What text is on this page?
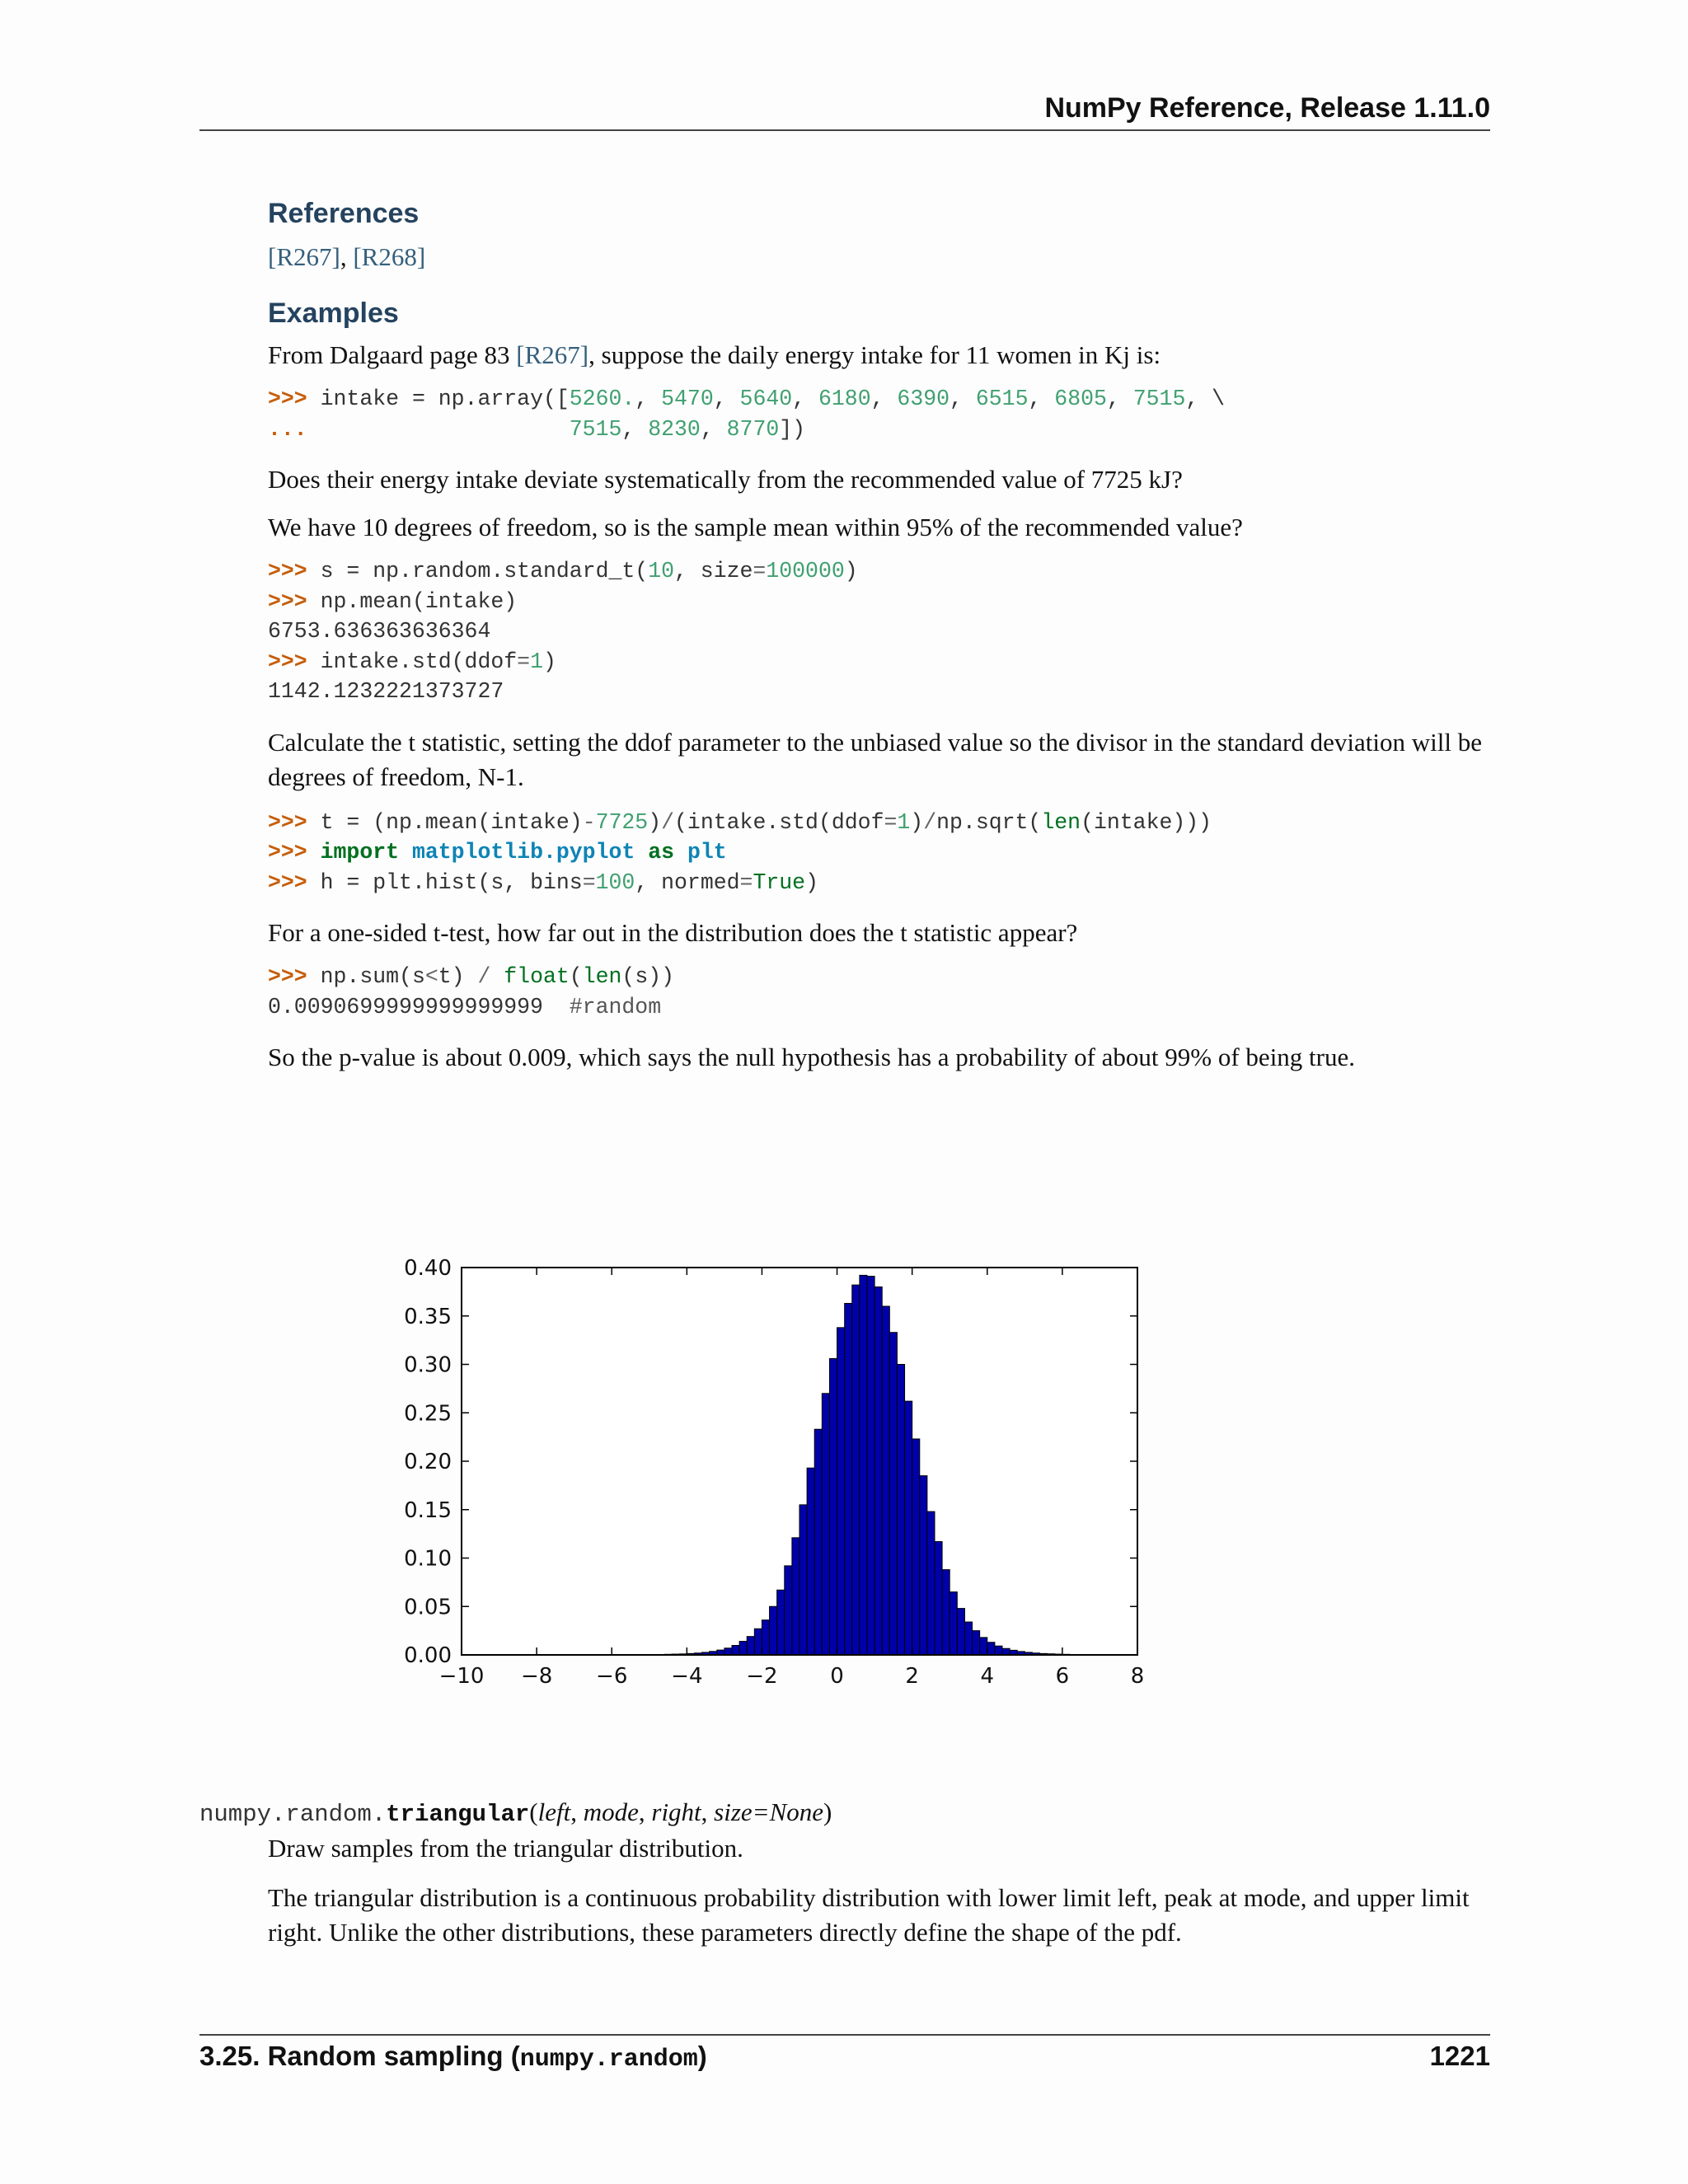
NumPy Reference, Release 1.11.0
References

[R267], [R268]

Examples

From Dalgaard page 83 [R267], suppose the daily energy intake for 11 women in Kj is:

>>> intake = np.array([5260., 5470, 5640, 6180, 6390, 6515, 6805, 7515, \
...	7515, 8230, 8770])

Does their energy intake deviate systematically from the recommended value of 7725 kJ?

We have 10 degrees of freedom, so is the sample mean within 95% of the recommended value?

>>> s = np.random.standard_t(10, size=100000)
>>> np.mean(intake)
6753.636363636364
>>> intake.std(ddof=1)
1142.1232221373727

Calculate the t statistic, setting the ddof parameter to the unbiased value so the divisor in the standard deviation will be degrees of freedom, N-1.

>>> t = (np.mean(intake)-7725)/(intake.std(ddof=1)/np.sqrt(len(intake)))
>>> import matplotlib.pyplot as plt
>>> h = plt.hist(s, bins=100, normed=True)

For a one-sided t-test, how far out in the distribution does the t statistic appear?

>>> np.sum(s<t) / float(len(s))
0.0090699999999999999 #random

So the p-value is about 0.009, which says the null hypothesis has a probability of about 99% of being true.

−10 −8 −6 −4 −2 0	2	4	6	8
0.00
0.05
0.10
0.15
0.20
0.25
0.30
0.35
0.40
numpy.random.triangular(left, mode, right, size=None)

Draw samples from the triangular distribution.

The triangular distribution is a continuous probability distribution with lower limit left, peak at mode, and upper limit right. Unlike the other distributions, these parameters directly define the shape of the pdf.

3.25. Random sampling (numpy.random)	1221
